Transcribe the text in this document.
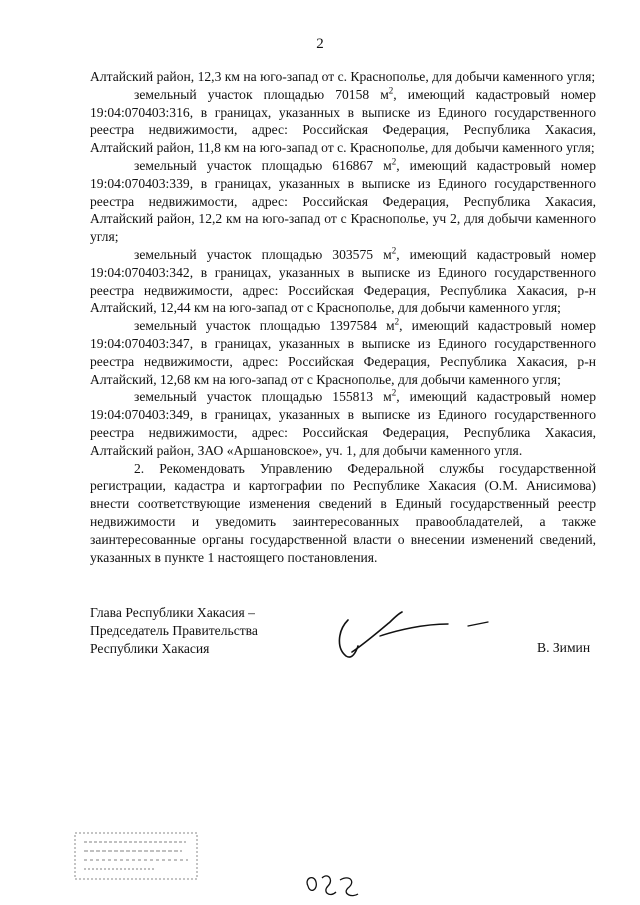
2

Алтайский район, 12,3 км на юго-запад от с. Краснополье, для добычи каменного угля;

земельный участок площадью 70158 $м^2$, имеющий кадастровый номер 19:04:070403:316, в границах, указанных в выписке из Единого государственного реестра недвижимости, адрес: Российская Федерация, Республика Хакасия, Алтайский район, 11,8 км на юго-запад от с. Краснополье, для добычи каменного угля;

земельный участок площадью 616867 $м^2$, имеющий кадастровый номер 19:04:070403:339, в границах, указанных в выписке из Единого государственного реестра недвижимости, адрес: Российская Федерация, Республика Хакасия, Алтайский район, 12,2 км на юго-запад от с Краснополье, уч 2, для добычи каменного угля;

земельный участок площадью 303575 $м^2$, имеющий кадастровый номер 19:04:070403:342, в границах, указанных в выписке из Единого государственного реестра недвижимости, адрес: Российская Федерация, Республика Хакасия, р-н Алтайский, 12,44 км на юго-запад от с Краснополье, для добычи каменного угля;

земельный участок площадью 1397584 $м^2$, имеющий кадастровый номер 19:04:070403:347, в границах, указанных в выписке из Единого государственного реестра недвижимости, адрес: Российская Федерация, Республика Хакасия, р-н Алтайский, 12,68 км на юго-запад от с Краснополье, для добычи каменного угля;

земельный участок площадью 155813 $м^2$, имеющий кадастровый номер 19:04:070403:349, в границах, указанных в выписке из Единого государственного реестра недвижимости, адрес: Российская Федерация, Республика Хакасия, Алтайский район, ЗАО «Аршановское», уч. 1, для добычи каменного угля.

2. Рекомендовать Управлению Федеральной службы государственной регистрации, кадастра и картографии по Республике Хакасия (О.М. Анисимова) внести соответствующие изменения сведений в Единый государственный реестр недвижимости и уведомить заинтересованных правообладателей, а также заинтересованные органы государственной власти о внесении изменений сведений, указанных в пункте 1 настоящего постановления.

Глава Республики Хакасия –
Председатель Правительства
Республики Хакасия	В. Зимин
